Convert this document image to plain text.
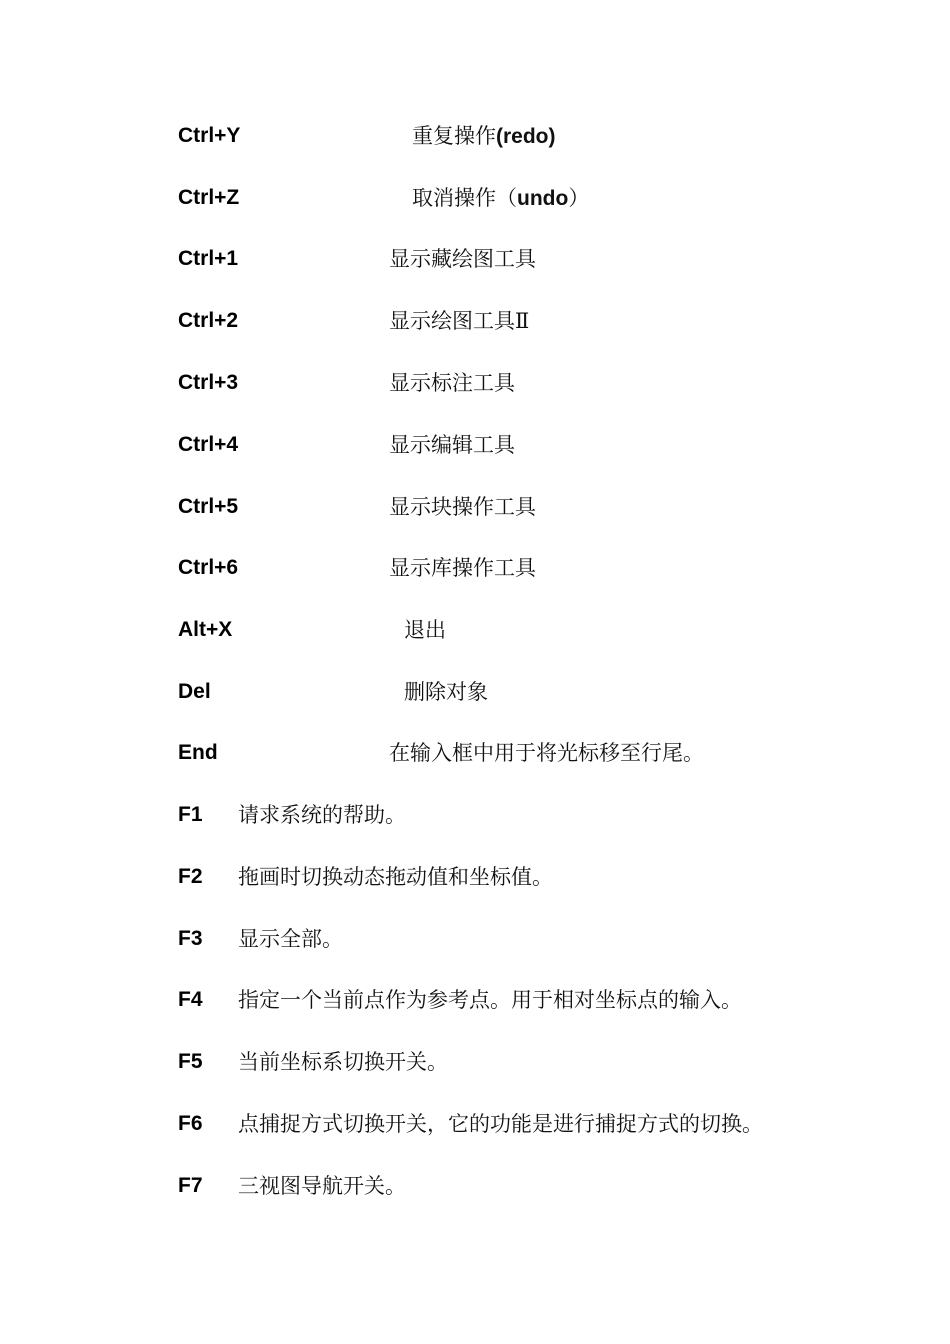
Ctrl+Y	重复操作(redo)
Ctrl+Z	取消操作（undo）
Ctrl+1	显示藏绘图工具
Ctrl+2	显示绘图工具Ⅱ
Ctrl+3	显示标注工具
Ctrl+4	显示编辑工具
Ctrl+5	显示块操作工具
Ctrl+6	显示库操作工具
Alt+X	退出
Del	删除对象
End	在输入框中用于将光标移至行尾。
F1 请求系统的帮助。
F2 拖画时切换动态拖动值和坐标值。
F3 显示全部。
F4 指定一个当前点作为参考点。用于相对坐标点的输入。
F5 当前坐标系切换开关。
F6 点捕捉方式切换开关，它的功能是进行捕捉方式的切换。
F7 三视图导航开关。
